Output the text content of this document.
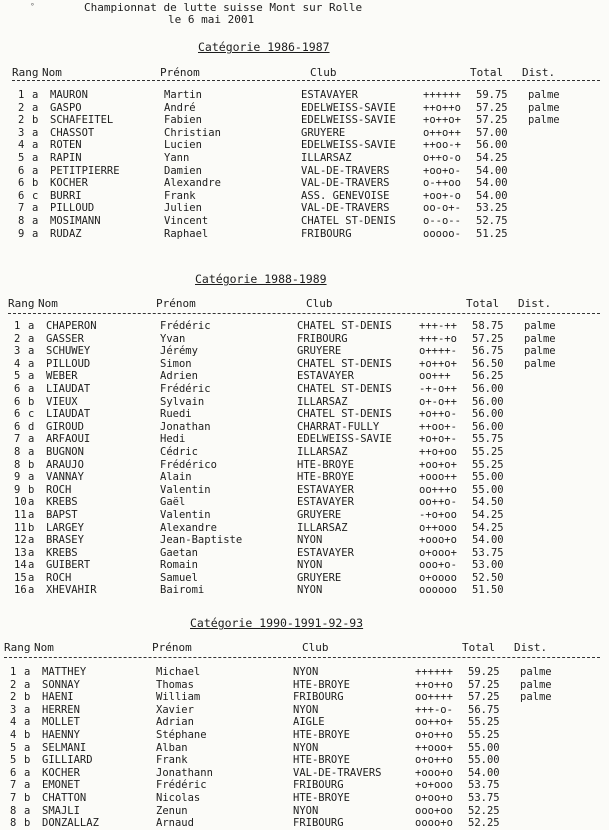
°	Championnat de lutte suisse Mont sur Rolle
le 6 mai 2001
Catégorie 1986-1987
Rang Nom	Prénom	Club	Total Dist.
1 a MAURON	Martin	ESTAVAYER	++++++ 59.75 palme
2 a GASPO	André	EDELWEISS-SAVIE	++o++o 57.25 palme
2 b SCHAFEITEL	Fabien	EDELWEISS-SAVIE	+o++o+ 57.25 palme
3 a CHASSOT	Christian	GRUYERE	o++o++ 57.00
4 a ROTEN	Lucien	EDELWEISS-SAVIE	++oo-+ 56.00
5 a RAPIN	Yann	ILLARSAZ	o++o-o 54.25
6 a PETITPIERRE	Damien	VAL-DE-TRAVERS	+oo+o- 54.00
6 b KOCHER	Alexandre	VAL-DE-TRAVERS	o-++oo 54.00
6 c BURRI	Frank	ASS. GENEVOISE	+oo+-o 54.00
7 a PILLOUD	Julien	VAL-DE-TRAVERS	oo-o+- 53.25
8 a MOSIMANN	Vincent	CHATEL ST-DENIS	o--o-- 52.75
9 a RUDAZ	Raphael	FRIBOURG	ooooo- 51.25
Catégorie 1988-1989
Rang Nom	Prénom	Club	Total Dist.
1 a CHAPERON	Frédéric	CHATEL ST-DENIS	+++-++ 58.75 palme
2 a GASSER	Yvan	FRIBOURG	+++-+o 57.25 palme
3 a SCHUWEY	Jérémy	GRUYERE	o++++- 56.75 palme
4 a PILLOUD	Simon	CHATEL ST-DENIS	+o++o+ 56.50 palme
5 a WEBER	Adrien	ESTAVAYER	oo+++ 56.25
6 a LIAUDAT	Frédéric	CHATEL ST-DENIS	-+-o++ 56.00
6 b VIEUX	Sylvain	ILLARSAZ	o+-o++ 56.00
6 c LIAUDAT	Ruedi	CHATEL ST-DENIS	+o++o- 56.00
6 d GIROUD	Jonathan	CHARRAT-FULLY	++oo+- 56.00
7 a ARFAOUI	Hedi	EDELWEISS-SAVIE	+o+o+- 55.75
8 a BUGNON	Cédric	ILLARSAZ	++o+oo 55.25
8 b ARAUJO	Frédérico	HTE-BROYE	+oo+o+ 55.25
9 a VANNAY	Alain	HTE-BROYE	+ooo++ 55.00
9 b ROCH	Valentin	ESTAVAYER	oo+++o 55.00
10 a KREBS	Gaël	ESTAVAYER	oo++o- 54.50
11 a BAPST	Valentin	GRUYERE	-+o+oo 54.25
11 b LARGEY	Alexandre	ILLARSAZ	o++ooo 54.25
12 a BRASEY	Jean-Baptiste	NYON	+ooo+o 54.00
13 a KREBS	Gaetan	ESTAVAYER	o+ooo+ 53.75
14 a GUIBERT	Romain	NYON	ooo+o- 53.00
15 a ROCH	Samuel	GRUYERE	o+oooo 52.50
16 a XHEVAHIR	Bairomi	NYON	oooooo 51.50
Catégorie 1990-1991-92-93
Rang Nom	Prénom	Club	Total Dist.
1 a MATTHEY	Michael	NYON	++++++ 59.25 palme
2 a SONNAY	Thomas	HTE-BROYE	++o++o 57.25 palme
2 b HAENI	William	FRIBOURG	oo++++ 57.25 palme
3 a HERREN	Xavier	NYON	+++-o- 56.75
4 a MOLLET	Adrian	AIGLE	oo++o+ 55.25
4 b HAENNY	Stéphane	HTE-BROYE	o+o++o 55.25
5 a SELMANI	Alban	NYON	++ooo+ 55.00
5 b GILLIARD	Frank	HTE-BROYE	o+o++o 55.00
6 a KOCHER	Jonathann	VAL-DE-TRAVERS	+ooo+o 54.00
7 a EMONET	Frédéric	FRIBOURG	+o+ooo 53.75
7 b CHATTON	Nicolas	HTE-BROYE	o+oo+o 53.75
8 a SMAJLI	Zenun	NYON	ooo+oo 52.25
8 b DONZALLAZ	Arnaud	FRIBOURG	oooo+o 52.25
